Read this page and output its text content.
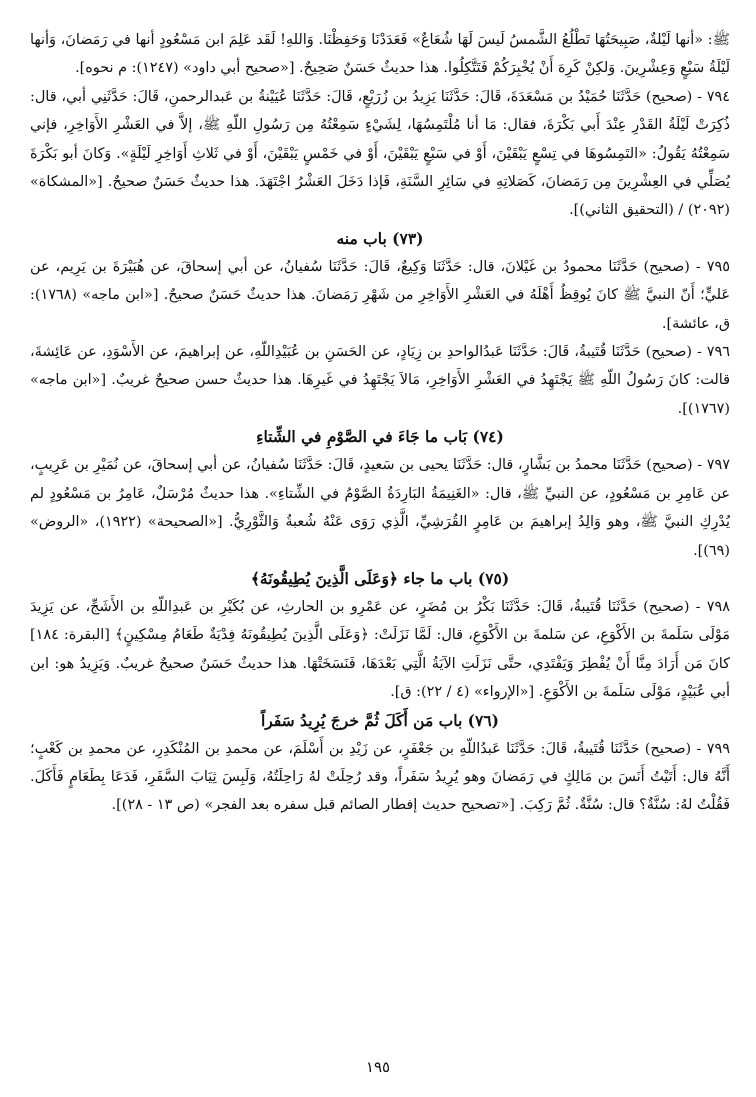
ﷺ: «أنها لَيْلةٌ، صَبِيحَتُهَا تَطْلُعُ الشَّمسُ لَيسَ لَهَا شُعَاعٌ» فَعَدَدْنَا وَحَفِظْنَا. وَاللهِ! لَقَد عَلِمَ ابن مَسْعُودٍ أنها في رَمَضانَ، وَأنها لَيْلَةُ سَبْعٍ وَعِشْرِينَ. وَلكِنْ كَرِهَ أَنْ يُخْبِرَكُمْ فَتَتَّكِلُوا. هذا حديثٌ حَسَنٌ صَحِيحٌ. [«صحيح أبي داود» (١٢٤٧): م نحوه].

٧٩٤ - (صحيح) حَدَّثَنَا حُمَيْدُ بن مَسْعَدَةَ، قَالَ: حَدَّثَنَا يَزِيدُ بن زُرَيْعٍ، قَالَ: حَدَّثَنَا عُيَيْنةُ بن عَبدالرحمنِ، قَالَ: حَدَّثَنِي أبي، قال: ذُكِرَتْ لَيْلَةُ القَدْرِ عِنْدَ أَبي بَكْرَةَ، فقال: مَا أنا مُلْتَمِسُهَا، لِشَيْءٍ سَمِعْتُهُ مِن رَسُولِ اللّهِ ﷺ، إلاَّ في العَشْرِ الأَوَاخِرِ، فإني سَمِعْتُهُ يَقُولُ: «التَمِسُوهَا في تِسْعٍ يَبْقَيْنَ، أَوْ في سَبْعٍ يَبْقَيْنَ، أَوْ في خَمْسٍ يَبْقَيْنَ، أَوْ في ثَلاثِ أَوَاخِرِ لَيْلَةٍ». وَكانَ أبو بَكْرَةَ يُصَلِّي في العِشْرِينَ مِن رَمَضانَ، كَصَلاتِهِ في سَائِرِ السَّنَةِ، فَإذا دَخَلَ العَشْرُ اجْتَهَدَ. هذا حديثٌ حَسَنٌ صحيحٌ. [«المشكاة» (٢٠٩٢) / (التحقيق الثاني)].

(٧٣) باب منه

٧٩٥ - (صحيح) حَدَّثَنَا محمودُ بن غَيْلانَ، قال: حَدَّثَنَا وَكِيعٌ، قَالَ: حَدَّثَنَا سُفيانُ، عن أبي إسحاقَ، عن هُبَيْرَةَ بن يَرِيم، عن عَليٍّ؛ أَنّ النبيَّ ﷺ كانَ يُوقِظُ أَهْلَهُ في العَشْرِ الأَوَاخِرِ من شَهْرِ رَمَضانَ. هذا حديثٌ حَسَنٌ صحيحٌ. [«ابن ماجه» (١٧٦٨): ق، عائشة].

٧٩٦ - (صحيح) حَدَّثَنَا قُتَيبةُ، قَالَ: حَدَّثَنَا عَبدُالواحدِ بن زِيَادٍ، عن الحَسَنِ بن عُبَيْدِاللّهِ، عن إبراهيمَ، عن الأَسْوَدِ، عن عَائِشةَ، قالت: كانَ رَسُولُ اللّهِ ﷺ يَجْتَهِدُ في العَشْرِ الأَوَاخِرِ، مَالاَ يَجْتَهِدُ في غَيرِهَا. هذا حديثٌ حسن صحيحٌ غريبٌ. [«ابن ماجه» (١٧٦٧)].

(٧٤) بَاب ما جَاءَ في الصَّوْمِ في الشِّتاءِ

٧٩٧ - (صحيح) حَدَّثَنَا محمدُ بن بَشَّارٍ، قال: حَدَّثَنَا يحيى بن سَعيدٍ، قَالَ: حَدَّثَنَا سُفيانُ، عن أبي إسحاقَ، عن نُمَيْرِ بن عَرِيبٍ، عن عَامِرِ بن مَسْعُودٍ، عن النبيِّ ﷺ، قال: «الغَنِيمَةُ البَارِدَةُ الصَّوْمُ في الشِّتاءِ». هذا حديثٌ مُرْسَلٌ، عَامِرُ بن مَسْعُودٍ لم يُدْرِكِ النبيَّ ﷺ، وهو وَالِدُ إبراهيمَ بن عَامِرٍ القُرَشِيِّ، الَّذِي رَوَى عَنْهُ شُعبةُ وَالثَّوْرِيُّ. [«الصحيحة» (١٩٢٢)، «الروض» (٦٩)].

(٧٥) باب ما جاء ﴿وَعَلَى الَّذِينَ يُطِيقُونَهُ﴾

٧٩٨ - (صحيح) حَدَّثَنَا قُتَيبةُ، قَالَ: حَدَّثَنَا بَكْرُ بن مُضَرٍ، عن عَمْرِو بن الحارثِ، عن بُكَيْرِ بن عَبدِاللّهِ بن الأَشَجِّ، عن يَزِيدَ مَوْلَى سَلَمةَ بن الأَكْوَعِ، عن سَلمةَ بن الأَكْوَعِ، قال: لَمَّا نَزَلَتْ: ﴿وَعَلَى الَّذِينَ يُطِيقُونَهُ فِدْيَةٌ طَعَامُ مِسْكِينٍ﴾ [البقرة: ١٨٤] كانَ مَن أَرَادَ مِنَّا أَنْ يُفْطِرَ وَيَفْتَدِي، حتَّى نَزَلَتِ الآيَةُ الَّتِي بَعْدَهَا، فَنَسَخَتْهَا. هذا حديثٌ حَسَنٌ صحيحٌ غريبٌ. وَيَزِيدُ هو: ابن أبي عُبَيْدٍ، مَوْلَى سَلَمةَ بن الأَكْوَعِ. [«الإرواء» (٤ / ٢٢): ق].

(٧٦) باب مَن أَكَلَ ثُمَّ خرجَ يُرِيدُ سَفَراً

٧٩٩ - (صحيح) حَدَّثَنَا قُتَيبةُ، قَالَ: حَدَّثَنَا عَبدُاللّهِ بن جَعْفَرٍ، عن زَيْدِ بن أَسْلَمَ، عن محمدِ بن المُنْكَدِرِ، عن محمدِ بن كَعْبٍ؛ أَنَّهُ قال: أَتَيْتُ أَنَسَ بن مَالِكٍ في رَمَضانَ وهو يُرِيدُ سَفَراً، وقد رُحِلَتْ لهُ رَاحِلَتُهُ، وَلَبِسَ ثِيَابَ السَّفَرِ، فَدَعَا بِطَعَامٍ فَأَكَلَ. فَقُلْتُ لهُ: سُنَّةٌ؟ قال: سُنَّةٌ. ثُمَّ رَكِبَ. [«تصحيح حديث إفطار الصائم قبل سفره بعد الفجر» (ص ١٣ - ٢٨)].

١٩٥
